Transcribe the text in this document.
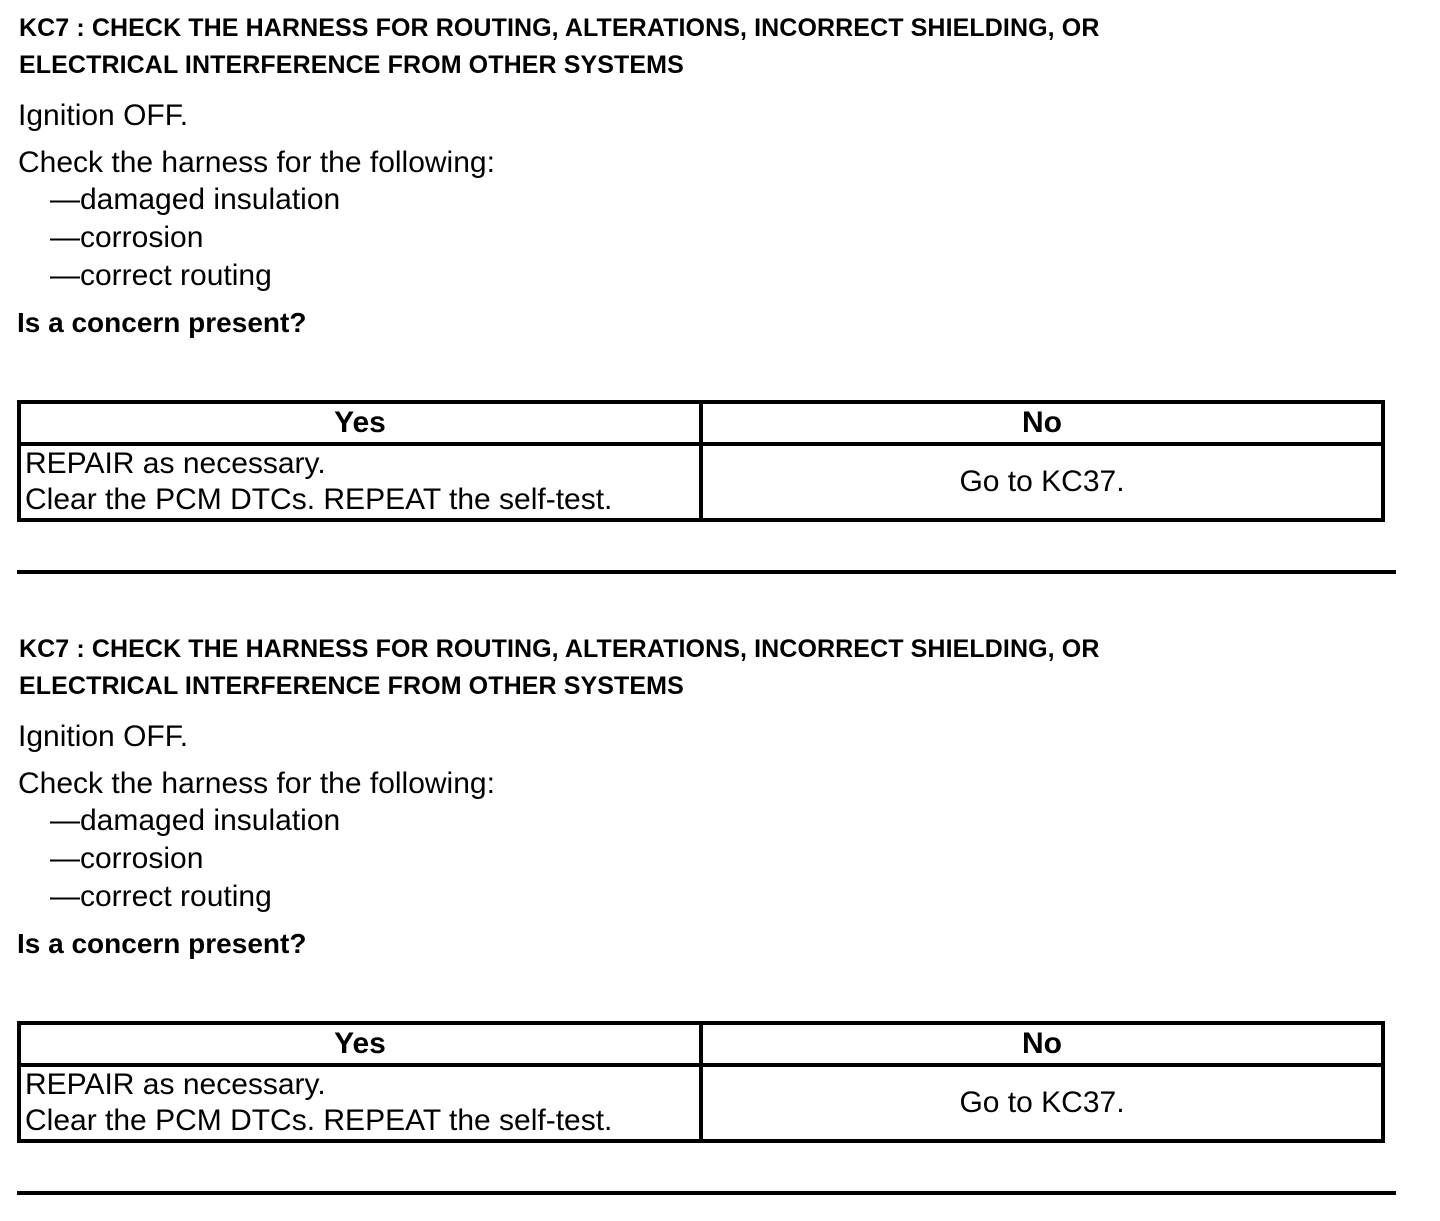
KC7 : CHECK THE HARNESS FOR ROUTING, ALTERATIONS, INCORRECT SHIELDING, OR
ELECTRICAL INTERFERENCE FROM OTHER SYSTEMS
Ignition OFF.
Check the harness for the following:
—damaged insulation
—corrosion
—correct routing
Is a concern present?
Yes	No

REPAIR as necessary.
Clear the PCM DTCs. REPEAT the self-test.	Go to KC37.
KC7 : CHECK THE HARNESS FOR ROUTING, ALTERATIONS, INCORRECT SHIELDING, OR
ELECTRICAL INTERFERENCE FROM OTHER SYSTEMS
Ignition OFF.
Check the harness for the following:
—damaged insulation
—corrosion
—correct routing
Is a concern present?
Yes	No

REPAIR as necessary.
Clear the PCM DTCs. REPEAT the self-test.	Go to KC37.
